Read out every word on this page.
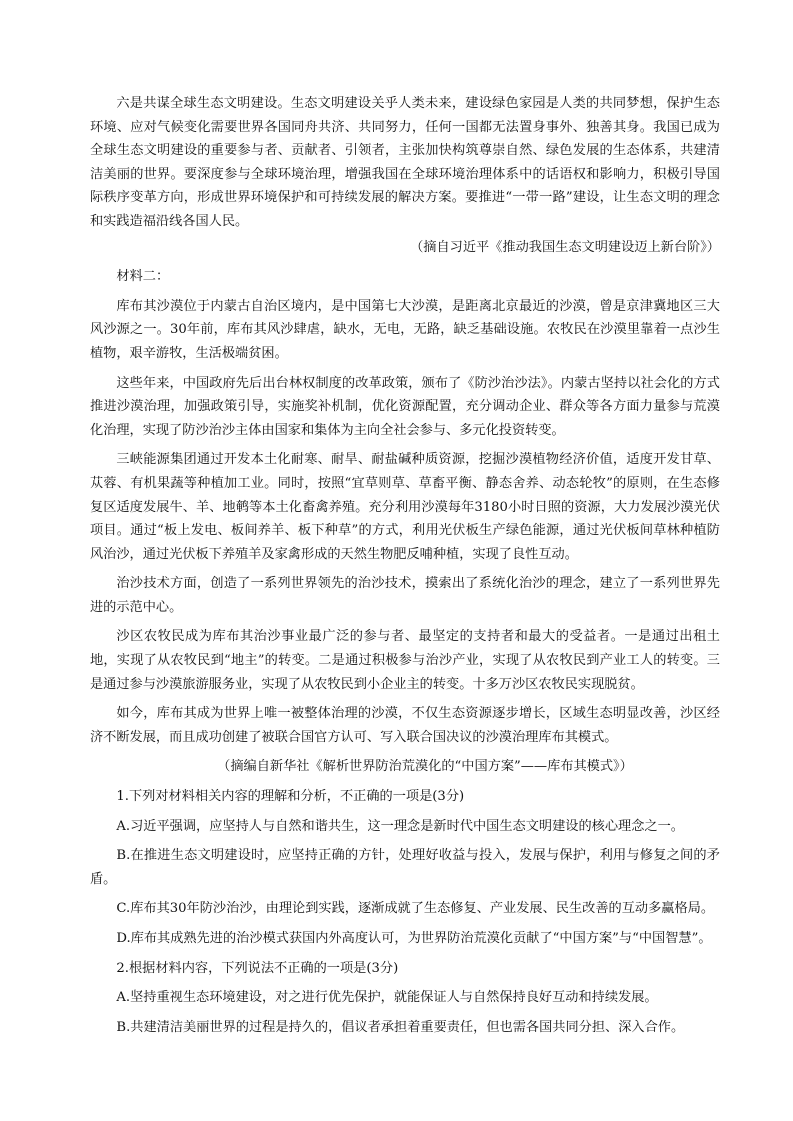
六是共谋全球生态文明建设。生态文明建设关乎人类未来，建设绿色家园是人类的共同梦想，保护生态环境、应对气候变化需要世界各国同舟共济、共同努力，任何一国都无法置身事外、独善其身。我国已成为全球生态文明建设的重要参与者、贡献者、引领者，主张加快构筑尊崇自然、绿色发展的生态体系，共建清洁美丽的世界。要深度参与全球环境治理，增强我国在全球环境治理体系中的话语权和影响力，积极引导国际秩序变革方向，形成世界环境保护和可持续发展的解决方案。要推进“一带一路”建设，让生态文明的理念和实践造福沿线各国人民。

（摘自习近平《推动我国生态文明建设迈上新台阶》）
材料二：

库布其沙漠位于内蒙古自治区境内，是中国第七大沙漠，是距离北京最近的沙漠，曾是京津冀地区三大风沙源之一。30年前，库布其风沙肆虐，缺水，无电，无路，缺乏基础设施。农牧民在沙漠里靠着一点沙生植物，艰辛游牧，生活极端贫困。

这些年来，中国政府先后出台林权制度的改革政策，颁布了《防沙治沙法》。内蒙古坚持以社会化的方式推进沙漠治理，加强政策引导，实施奖补机制，优化资源配置，充分调动企业、群众等各方面力量参与荒漠化治理，实现了防沙治沙主体由国家和集体为主向全社会参与、多元化投资转变。

三峡能源集团通过开发本土化耐寒、耐旱、耐盐碱种质资源，挖掘沙漠植物经济价值，适度开发甘草、苁蓉、有机果蔬等种植加工业。同时，按照“宜草则草、草畜平衡、静态舍养、动态轮牧”的原则，在生态修复区适度发展牛、羊、地鹌等本土化畜禽养殖。充分利用沙漠每年3180小时日照的资源，大力发展沙漠光伏项目。通过“板上发电、板间养羊、板下种草”的方式，利用光伏板生产绿色能源，通过光伏板间草林种植防风治沙，通过光伏板下养殖羊及家禽形成的天然生物肥反哺种植，实现了良性互动。

治沙技术方面，创造了一系列世界领先的治沙技术，摸索出了系统化治沙的理念，建立了一系列世界先进的示范中心。

沙区农牧民成为库布其治沙事业最广泛的参与者、最坚定的支持者和最大的受益者。一是通过出租土地，实现了从农牧民到“地主”的转变。二是通过积极参与治沙产业，实现了从农牧民到产业工人的转变。三是通过参与沙漠旅游服务业，实现了从农牧民到小企业主的转变。十多万沙区农牧民实现脱贫。

如今，库布其成为世界上唯一被整体治理的沙漠，不仅生态资源逐步增长，区域生态明显改善，沙区经济不断发展，而且成功创建了被联合国官方认可、写入联合国决议的沙漠治理库布其模式。

（摘编自新华社《解析世界防治荒漠化的“中国方案”——库布其模式》）
1.下列对材料相关内容的理解和分析，不正确的一项是(3分)

A.习近平强调，应坚持人与自然和谐共生，这一理念是新时代中国生态文明建设的核心理念之一。

B.在推进生态文明建设时，应坚持正确的方针，处理好收益与投入，发展与保护，利用与修复之间的矛盾。

C.库布其30年防沙治沙，由理论到实践，逐渐成就了生态修复、产业发展、民生改善的互动多赢格局。

D.库布其成熟先进的治沙模式获国内外高度认可，为世界防治荒漠化贡献了“中国方案”与“中国智慧”。

2.根据材料内容，下列说法不正确的一项是(3分)

A.坚持重视生态环境建设，对之进行优先保护，就能保证人与自然保持良好互动和持续发展。

B.共建清洁美丽世界的过程是持久的，倡议者承担着重要责任，但也需各国共同分担、深入合作。
